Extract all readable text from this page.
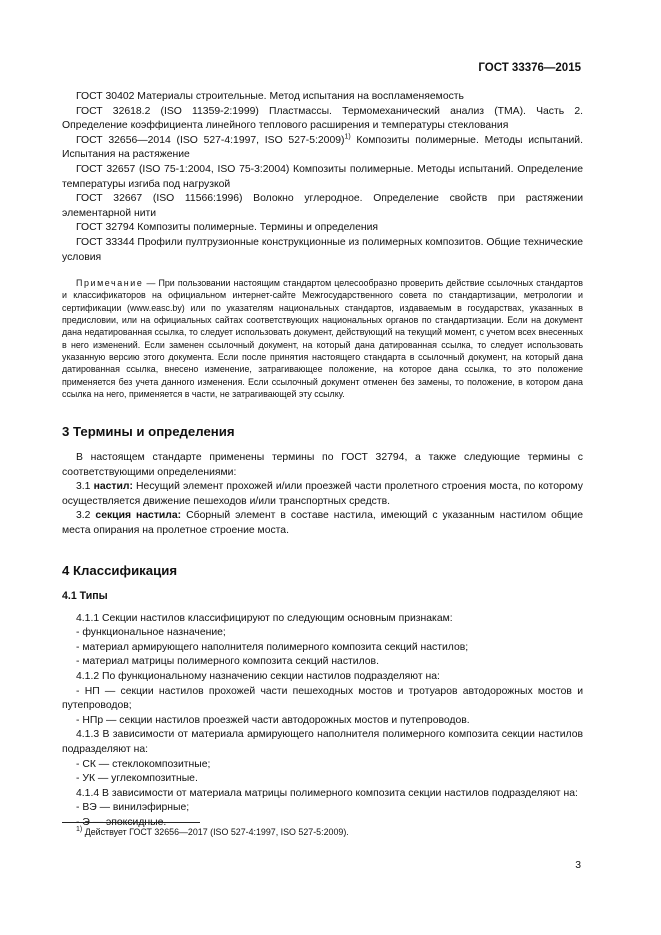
ГОСТ 33376—2015

ГОСТ 30402 Материалы строительные. Метод испытания на воспламеняемость

ГОСТ 32618.2 (ISO 11359-2:1999) Пластмассы. Термомеханический анализ (ТМА). Часть 2. Определение коэффициента линейного теплового расширения и температуры стеклования

ГОСТ 32656—2014 (ISO 527-4:1997, ISO 527-5:2009)$^{1)}$ Композиты полимерные. Методы испытаний. Испытания на растяжение

ГОСТ 32657 (ISO 75-1:2004, ISO 75-3:2004) Композиты полимерные. Методы испытаний. Определение температуры изгиба под нагрузкой

ГОСТ 32667 (ISO 11566:1996) Волокно углеродное. Определение свойств при растяжении элементарной нити

ГОСТ 32794 Композиты полимерные. Термины и определения

ГОСТ 33344 Профили пултрузионные конструкционные из полимерных композитов. Общие технические условия

Примечание — При пользовании настоящим стандартом целесообразно проверить действие ссылочных стандартов и классификаторов на официальном интернет-сайте Межгосударственного совета по стандартизации, метрологии и сертификации (www.easc.by) или по указателям национальных стандартов, издаваемым в государствах, указанных в предисловии, или на официальных сайтах соответствующих национальных органов по стандартизации. Если на документ дана недатированная ссылка, то следует использовать документ, действующий на текущий момент, с учетом всех внесенных в него изменений. Если заменен ссылочный документ, на который дана датированная ссылка, то следует использовать указанную версию этого документа. Если после принятия настоящего стандарта в ссылочный документ, на который дана датированная ссылка, внесено изменение, затрагивающее положение, на которое дана ссылка, то это положение применяется без учета данного изменения. Если ссылочный документ отменен без замены, то положение, в котором дана ссылка на него, применяется в части, не затрагивающей эту ссылку.

3 Термины и определения

В настоящем стандарте применены термины по ГОСТ 32794, а также следующие термины с соответствующими определениями:

3.1 настил: Несущий элемент прохожей и/или проезжей части пролетного строения моста, по которому осуществляется движение пешеходов и/или транспортных средств.

3.2 секция настила: Сборный элемент в составе настила, имеющий с указанным настилом общие места опирания на пролетное строение моста.

4 Классификация
4.1 Типы

4.1.1 Секции настилов классифицируют по следующим основным признакам:

- функциональное назначение;

- материал армирующего наполнителя полимерного композита секций настилов;

- материал матрицы полимерного композита секций настилов.

4.1.2 По функциональному назначению секции настилов подразделяют на:

- НП — секции настилов прохожей части пешеходных мостов и тротуаров автодорожных мостов и путепроводов;

- НПр — секции настилов проезжей части автодорожных мостов и путепроводов.

4.1.3 В зависимости от материала армирующего наполнителя полимерного композита секции настилов подразделяют на:

- СК — стеклокомпозитные;

- УК — углекомпозитные.

4.1.4 В зависимости от материала матрицы полимерного композита секции настилов подразделяют на:

- ВЭ — винилэфирные;

- Э — эпоксидные.

$^{1)}$ Действует ГОСТ 32656—2017 (ISO 527-4:1997, ISO 527-5:2009).
3
